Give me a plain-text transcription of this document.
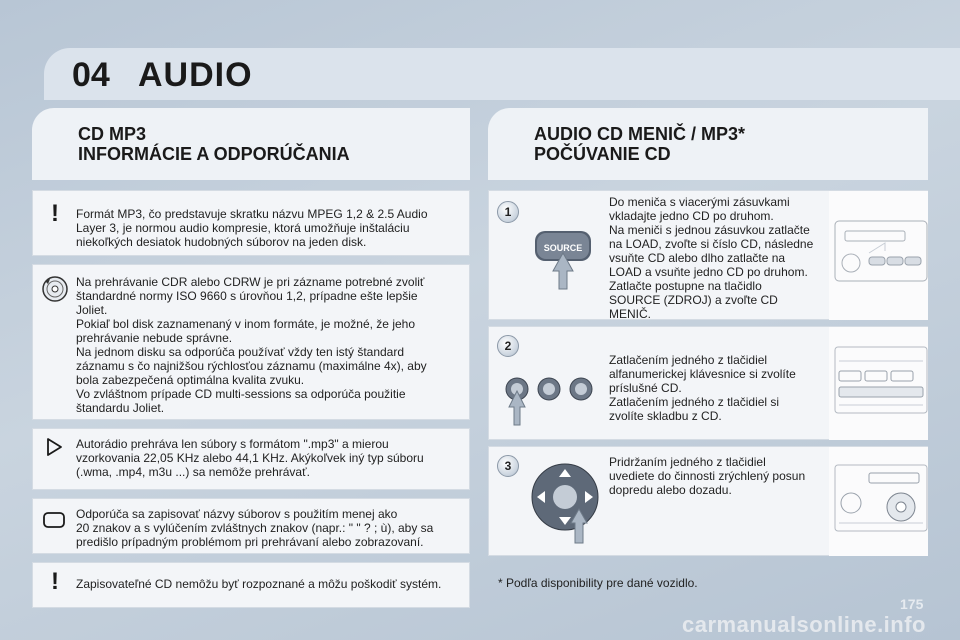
04 AUDIO
CD MP3
INFORMÁCIE A ODPORÚČANIA
AUDIO CD MENIČ / MP3*
POČÚVANIE CD
! Formát MP3, čo predstavuje skratku názvu MPEG 1,2 & 2.5 Audio
Layer 3, je normou audio kompresie, ktorá umožňuje inštaláciu
niekoľkých desiatok hudobných súborov na jeden disk.

Na prehrávanie CDR alebo CDRW je pri zázname potrebné zvoliť
štandardné normy ISO 9660 s úrovňou 1,2, prípadne ešte lepšie
Joliet.
Pokiaľ bol disk zaznamenaný v inom formáte, je možné, že jeho
prehrávanie nebude správne.
Na jednom disku sa odporúča používať vždy ten istý štandard
záznamu s čo najnižšou rýchlosťou záznamu (maximálne 4x), aby
bola zabezpečená optimálna kvalita zvuku.
Vo zvláštnom prípade CD multi-sessions sa odporúča použitie
štandardu Joliet.

Autorádio prehráva len súbory s formátom ".mp3" a mierou
vzorkovania 22,05 KHz alebo 44,1 KHz. Akýkoľvek iný typ súboru
(.wma, .mp4, m3u ...) sa nemôže prehrávať.

Odporúča sa zapisovať názvy súborov s použitím menej ako
20 znakov a s vylúčením zvláštnych znakov (napr.: " " ? ; ù), aby sa
predišlo prípadným problémom pri prehrávaní alebo zobrazovaní.

! Zapisovateľné CD nemôžu byť rozpoznané a môžu poškodiť systém.

1
SOURCE

Do meniča s viacerými zásuvkami
vkladajte jedno CD po druhom.
Na meniči s jednou zásuvkou zatlačte
na LOAD, zvoľte si číslo CD, následne
vsuňte CD alebo dlho zatlačte na
LOAD a vsuňte jedno CD po druhom.
Zatlačte postupne na tlačidlo
SOURCE (ZDROJ) a zvoľte CD
MENIČ.

2

Zatlačením jedného z tlačidiel
alfanumerickej klávesnice si zvolíte
príslušné CD.
Zatlačením jedného z tlačidiel si
zvolíte skladbu z CD.

3	Pridržaním jedného z tlačidiel
uvediete do činnosti zrýchlený posun
dopredu alebo dozadu.

* Podľa disponibility pre dané vozidlo.
175
carmanualsonline.info
